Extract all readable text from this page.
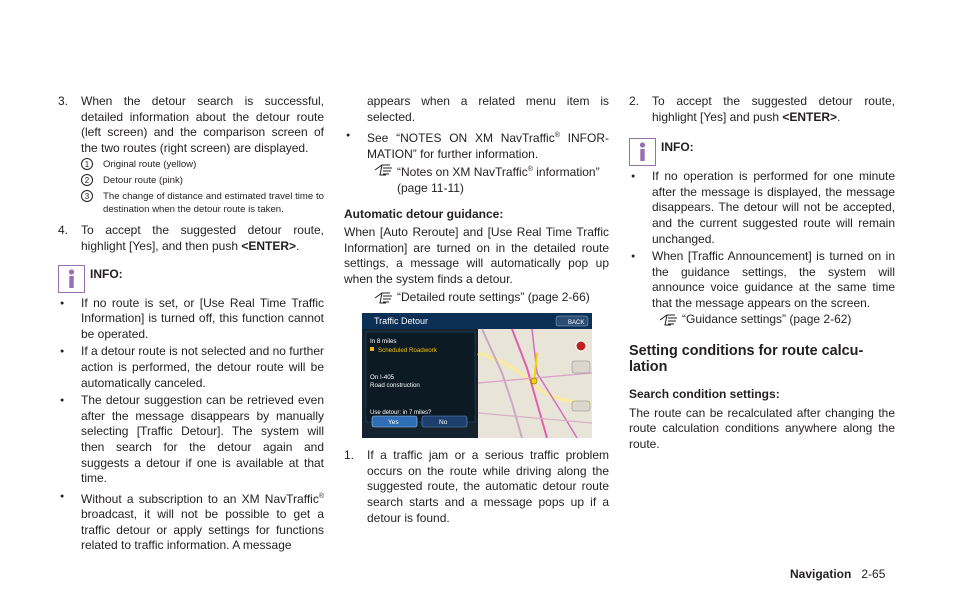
3. When the detour search is successful, detailed information about the detour route (left screen) and the comparison screen of the two routes (right screen) are displayed.
1	Original route (yellow)
2	Detour route (pink)
3	The change of distance and estimated travel time to destination when the detour route is taken.
4. To accept the suggested detour route, highlight [Yes], and then push <ENTER>.
INFO:
● If no route is set, or [Use Real Time Traffic Information] is turned off, this function cannot be operated.
● If a detour route is not selected and no further action is performed, the detour route will be automatically canceled.
● The detour suggestion can be retrieved even after the message disappears by manually selecting [Traffic Detour]. The system will then search for the detour again and suggests a detour if one is available at that time.
● Without a subscription to an XM NavTraffic® broadcast, it will not be possible to get a traffic detour or apply settings for functions related to traffic information. A message

appears when a related menu item is selected.

● See “NOTES ON XM NavTraffic® INFOR-MATION” for further information.
“Notes on XM NavTraffic® information” (page 11-11)

Automatic detour guidance:

When [Auto Reroute] and [Use Real Time Traffic Information] are turned on in the detailed route settings, a message will automatically pop up when the system finds a detour.

“Detailed route settings” (page 2-66)
Traffic Detour	BACK
In 8 miles
Scheduled Roadwork
On I-405
Road construction
Use detour: in 7 miles?
Yes	No
1. If a traffic jam or a serious traffic problem occurs on the route while driving along the suggested route, the automatic detour route search starts and a message pops up if a detour is found.
2. To accept the suggested detour route, highlight [Yes] and push <ENTER>.
INFO:
● If no operation is performed for one minute after the message is displayed, the message disappears. The detour will not be accepted, and the current suggested route will remain unchanged.
● When [Traffic Announcement] is turned on in the guidance settings, the system will announce voice guidance at the same time that the message appears on the screen.
“Guidance settings” (page 2-62)

Setting conditions for route calcu-lation

Search condition settings:

The route can be recalculated after changing the route calculation conditions anywhere along the route.

Navigation 2-65
